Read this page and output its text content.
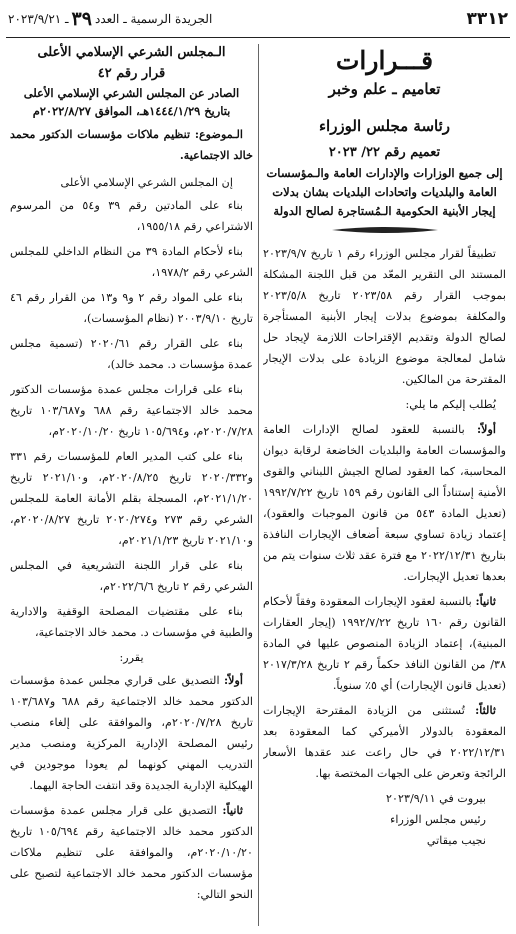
٣٣١٢
الجريدة الرسمية ـ العدد
٣٩
ـ ٢٠٢٣/٩/٢١
قـــرارات
تعاميم ـ علم وخبر
رئاسة مجلس الوزراء
تعميم رقم ٢٢/ ٢٠٢٣
إلى جميع الوزارات والإدارات العامة والـمؤسسات العامة والبلديات واتحادات البلديات بشان بدلات إيجار الأبنية الحكومية الـمُستاجرة لصالح الدولة

تطبيقاً لقرار مجلس الوزراء رقم ١ تاريخ ٢٠٢٣/٩/٧ المستند الى التقرير المعّد من قبل اللجنة المشكلة بموجب القرار رقم ٢٠٢٣/٥٨ تاريخ ٢٠٢٣/٥/٨ والمكلفة بموضوع بدلات إيجار الأبنية المستأجرة لصالح الدولة وتقديم الإقتراحات اللازمة لإيجاد حل شامل لمعالجة موضوع الزيادة على بدلات الإيجار المقترحة من المالكين.

يُطلب إليكم ما يلي:

أولاً: بالنسبة للعقود لصالح الإدارات العامة والمؤسسات العامة والبلديات الخاضعة لرقابة ديوان المحاسبة، كما العقود لصالح الجيش اللبناني والقوى الأمنية إستناداً الى القانون رقم ١٥٩ تاريخ ١٩٩٢/٧/٢٢ (تعديل المادة ٥٤٣ من قانون الموجبات والعقود)، إعتماد زيادة تساوي سبعة أضعاف الإيجارات النافذة بتاريخ ٢٠٢٢/١٢/٣١ مع فترة عقد ثلاث سنوات يتم من بعدها تعديل الإيجارات.

ثانياً: بالنسبة لعقود الإيجارات المعقودة وفقاً لأحكام القانون رقم ١٦٠ تاريخ ١٩٩٢/٧/٢٢ (إيجار العقارات المبنية)، إعتماد الزيادة المنصوص عليها في المادة ٣٨/ من القانون النافذ حكماً رقم ٢ تاريخ ٢٠١٧/٣/٢٨ (تعديل قانون الإيجارات) أي ٥٪ سنوياً.

ثالثاً: تُستثنى من الزيادة المقترحة الإيجارات المعقودة بالدولار الأميركي كما المعقودة بعد ٢٠٢٢/١٢/٣١ في حال راعت عند عقدها الأسعار الرائجة وتعرض على الجهات المختصة بها.

بيروت في ٢٠٢٣/٩/١١
رئيس مجلس الوزراء
نجيب ميقاتي
الـمجلس الشرعي الإسلامي الأعلى
قرار رقم ٤٢
الصادر عن المجلس الشرعي الإسلامي الأعلى بتاريخ ١٤٤٤/١/٢٩هـ، الموافق ٢٠٢٢/٨/٢٧م

الـموضوع: تنظيم ملاكات مؤسسات الدكتور محمد خالد الاجتماعية.

إن المجلس الشرعي الإسلامي الأعلى

بناء على المادتين رقم ٣٩ و٥٤ من المرسوم الاشتراعي رقم ١٩٥٥/١٨،

بناء لأحكام المادة ٣٩ من النظام الداخلي للمجلس الشرعي رقم ١٩٧٨/٢،

بناء على المواد رقم ٢ و٩ و١٣ من القرار رقم ٤٦ تاريخ ٢٠٠٣/٩/١٠ (نظام المؤسسات)،

بناء على القرار رقم ٢٠٢٠/٦١ (تسمية مجلس عمدة مؤسسات د. محمد خالد)،

بناء على قرارات مجلس عمدة مؤسسات الدكتور محمد خالد الاجتماعية رقم ٦٨٨ و١٠٣/٦٨٧ تاريخ ٢٠٢٠/٧/٢٨م، و١٠٥/٦٩٤ تاريخ ٢٠٢٠/١٠/٢٠م،

بناء على كتب المدير العام للمؤسسات رقم ٣٣١ و٢٠٢٠/٣٣٢ تاريخ ٢٠٢٠/٨/٢٥م، و٢٠٢١/١٠ تاريخ ٢٠٢١/١/٢٠م، المسجلة بقلم الأمانة العامة للمجلس الشرعي رقم ٢٧٣ و٢٠٢٠/٢٧٤ تاريخ ٢٠٢٠/٨/٢٧م، و٢٠٢١/١٠ تاريخ ٢٠٢١/١/٢٣م،

بناء على قرار اللجنة التشريعية في المجلس الشرعي رقم ٢ تاريخ ٢٠٢٢/٦/٦م،

بناء على مقتضيات المصلحة الوقفية والادارية والطبية في مؤسسات د. محمد خالد الاجتماعية،

يقرر:

أولاً: التصديق على قراري مجلس عمدة مؤسسات الدكتور محمد خالد الاجتماعية رقم ٦٨٨ و١٠٣/٦٨٧ تاريخ ٢٠٢٠/٧/٢٨م، والموافقة على إلغاء منصب رئيس المصلحة الإدارية المركزية ومنصب مدير التدريب المهني كونهما لم يعودا موجودين في الهيكلية الإدارية الجديدة وقد انتفت الحاجة اليهما.

ثانياً: التصديق على قرار مجلس عمدة مؤسسات الدكتور محمد خالد الاجتماعية رقم ١٠٥/٦٩٤ تاريخ ٢٠٢٠/١٠/٢٠م، والموافقة على تنظيم ملاكات مؤسسات الدكتور محمد خالد الاجتماعية لتصبح على النحو التالي:
